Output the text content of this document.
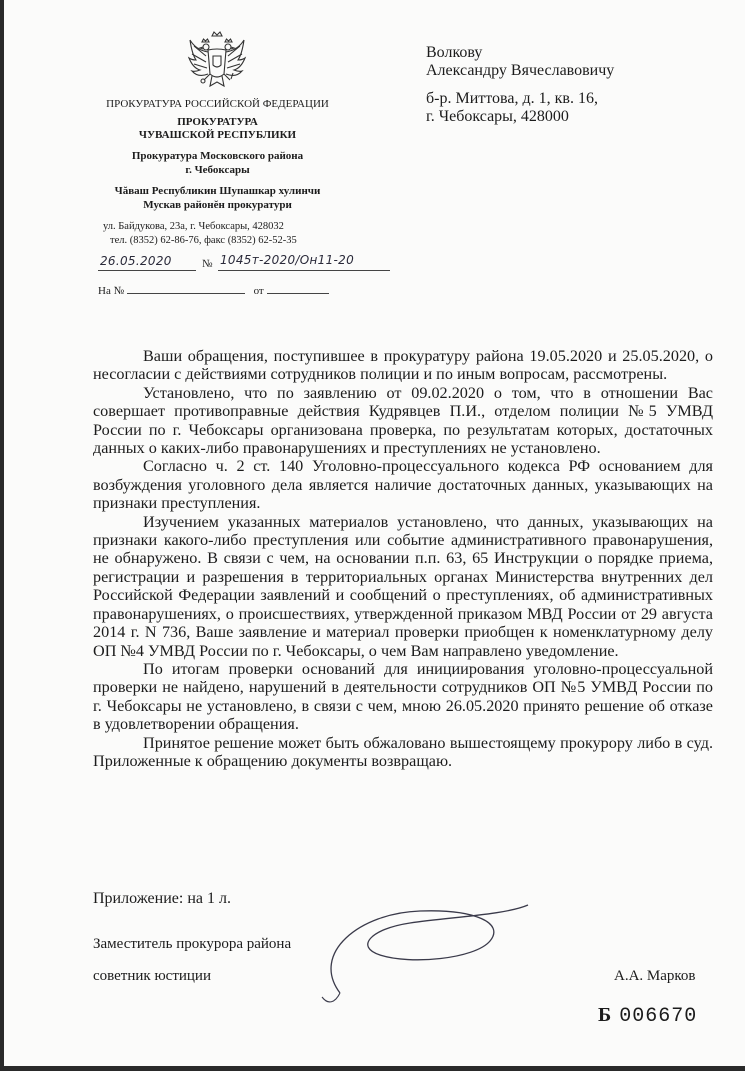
ПРОКУРАТУРА РОССИЙСКОЙ ФЕДЕРАЦИИ
ПРОКУРАТУРА
ЧУВАШСКОЙ РЕСПУБЛИКИ
Прокуратура Московского района
г. Чебоксары
Чăваш Республикин Шупашкар хулинчи
Мускав районĕн прокуратури
ул. Байдукова, 23а, г. Чебоксары, 428032
тел. (8352) 62-86-76, факс (8352) 62-52-35
26.05.2020	№ 1045т-2020/Он11-20
На №	от
Волкову
Александру Вячеславовичу
б-р. Миттова, д. 1, кв. 16,
г. Чебоксары, 428000

Ваши обращения, поступившее в прокуратуру района 19.05.2020 и 25.05.2020, о несогласии с действиями сотрудников полиции и по иным вопросам, рассмотрены.

Установлено, что по заявлению от 09.02.2020 о том, что в отношении Вас совершает противоправные действия Кудрявцев П.И., отделом полиции №5 УМВД России по г. Чебоксары организована проверка, по результатам которых, достаточных данных о каких-либо правонарушениях и преступлениях не установлено.

Согласно ч. 2 ст. 140 Уголовно-процессуального кодекса РФ основанием для возбуждения уголовного дела является наличие достаточных данных, указывающих на признаки преступления.

Изучением указанных материалов установлено, что данных, указывающих на признаки какого-либо преступления или событие административного правонарушения, не обнаружено. В связи с чем, на основании п.п. 63, 65 Инструкции о порядке приема, регистрации и разрешения в территориальных органах Министерства внутренних дел Российской Федерации заявлений и сообщений о преступлениях, об административных правонарушениях, о происшествиях, утвержденной приказом МВД России от 29 августа 2014 г. N 736, Ваше заявление и материал проверки приобщен к номенклатурному делу ОП №4 УМВД России по г. Чебоксары, о чем Вам направлено уведомление.

По итогам проверки оснований для инициирования уголовно-процессуальной проверки не найдено, нарушений в деятельности сотрудников ОП №5 УМВД России по г. Чебоксары не установлено, в связи с чем, мною 26.05.2020 принято решение об отказе в удовлетворении обращения.

Принятое решение может быть обжаловано вышестоящему прокурору либо в суд. Приложенные к обращению документы возвращаю.

Приложение: на 1 л.
Заместитель прокурора района
советник юстиции	А.А. Марков
Б 006670
